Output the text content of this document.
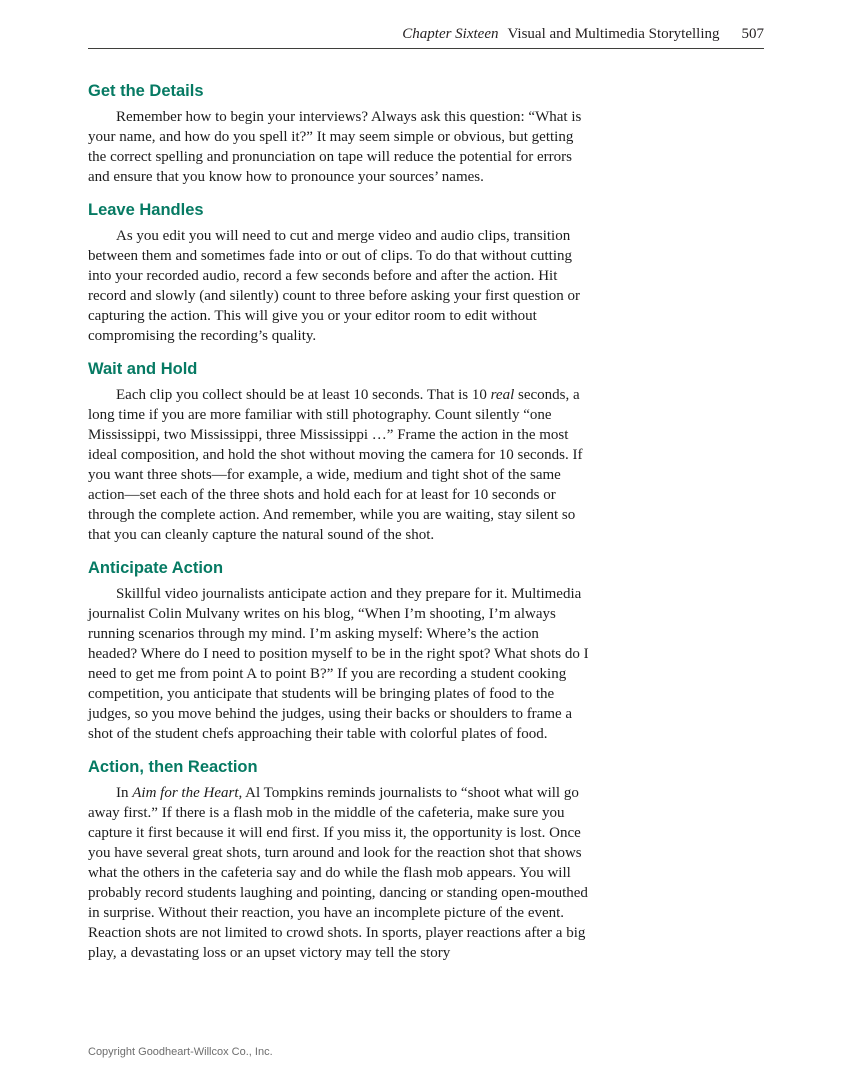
Chapter Sixteen Visual and Multimedia Storytelling 507
Get the Details

Remember how to begin your interviews? Always ask this question: “What is your name, and how do you spell it?” It may seem simple or obvious, but getting the correct spelling and pronunciation on tape will reduce the potential for errors and ensure that you know how to pronounce your sources’ names.

Leave Handles

As you edit you will need to cut and merge video and audio clips, transition between them and sometimes fade into or out of clips. To do that without cutting into your recorded audio, record a few seconds before and after the action. Hit record and slowly (and silently) count to three before asking your first question or capturing the action. This will give you or your editor room to edit without compromising the recording’s quality.

Wait and Hold

Each clip you collect should be at least 10 seconds. That is 10 real seconds, a long time if you are more familiar with still photography. Count silently “one Mississippi, two Mississippi, three Mississippi …” Frame the action in the most ideal composition, and hold the shot without moving the camera for 10 seconds. If you want three shots—for example, a wide, medium and tight shot of the same action—set each of the three shots and hold each for at least for 10 seconds or through the complete action. And remember, while you are waiting, stay silent so that you can cleanly capture the natural sound of the shot.

Anticipate Action

Skillful video journalists anticipate action and they prepare for it. Multimedia journalist Colin Mulvany writes on his blog, “When I’m shooting, I’m always running scenarios through my mind. I’m asking myself: Where’s the action headed? Where do I need to position myself to be in the right spot? What shots do I need to get me from point A to point B?” If you are recording a student cooking competition, you anticipate that students will be bringing plates of food to the judges, so you move behind the judges, using their backs or shoulders to frame a shot of the student chefs approaching their table with colorful plates of food.

Action, then Reaction

In Aim for the Heart, Al Tompkins reminds journalists to “shoot what will go away first.” If there is a flash mob in the middle of the cafeteria, make sure you capture it first because it will end first. If you miss it, the opportunity is lost. Once you have several great shots, turn around and look for the reaction shot that shows what the others in the cafeteria say and do while the flash mob appears. You will probably record students laughing and pointing, dancing or standing open-mouthed in surprise. Without their reaction, you have an incomplete picture of the event. Reaction shots are not limited to crowd shots. In sports, player reactions after a big play, a devastating loss or an upset victory may tell the story

Copyright Goodheart-Willcox Co., Inc.
